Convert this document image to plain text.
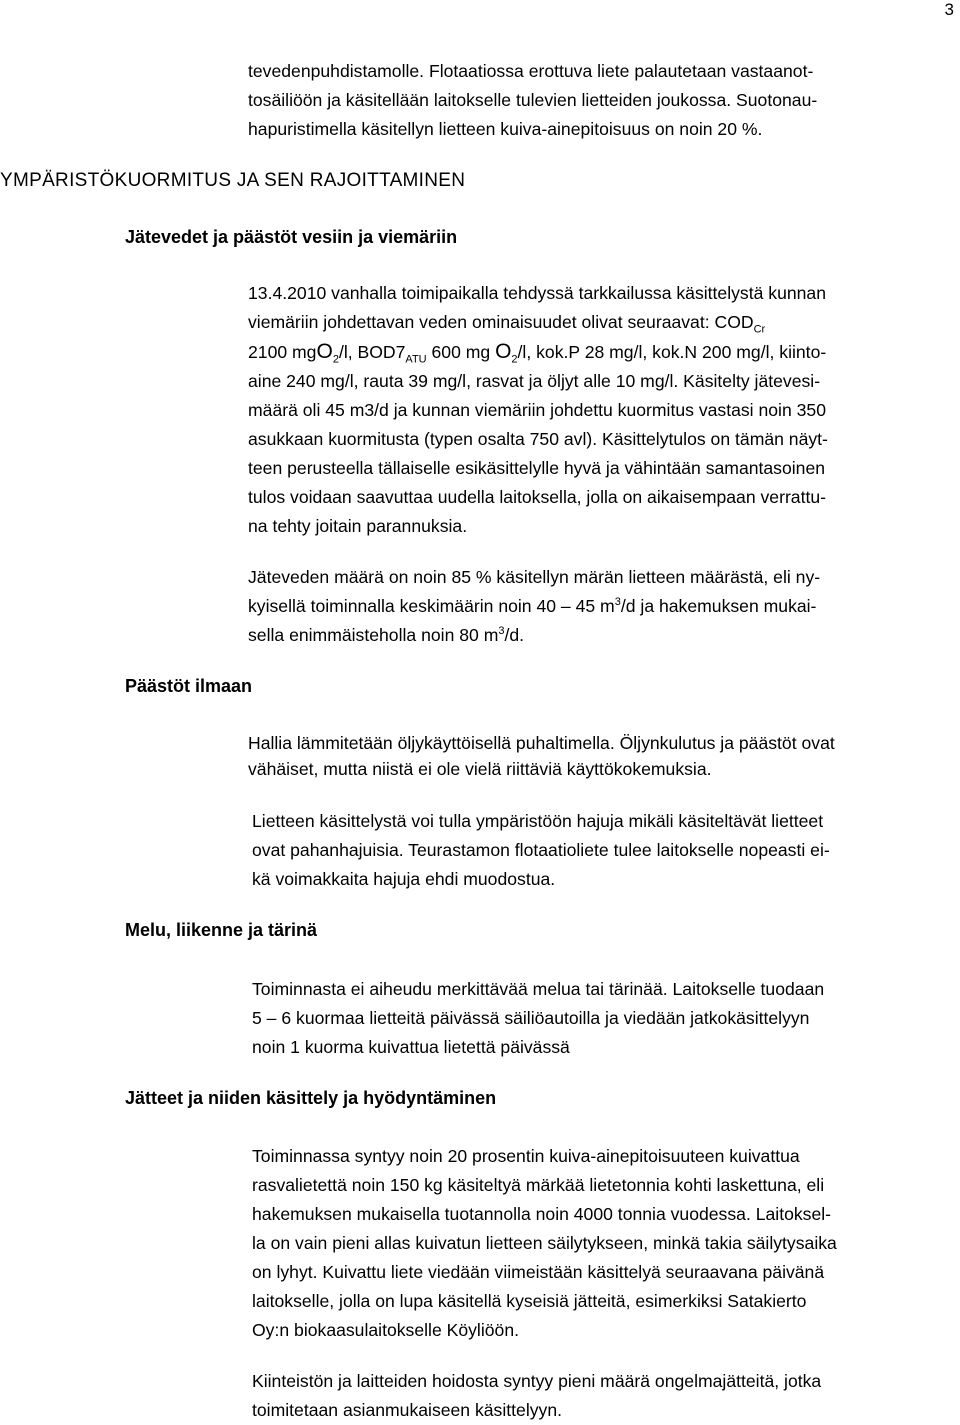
3
tevedenpuhdistamolle. Flotaatiossa erottuva liete palautetaan vastaanot-
tosäiliöön ja käsitellään laitokselle tulevien lietteiden joukossa. Suotonau-
hapuristimella käsitellyn lietteen kuiva-ainepitoisuus on noin 20 %.
YMPÄRISTÖKUORMITUS JA SEN RAJOITTAMINEN
Jätevedet ja päästöt vesiin ja viemäriin
13.4.2010 vanhalla toimipaikalla tehdyssä tarkkailussa käsittelystä kunnan
viemäriin johdettavan veden ominaisuudet olivat seuraavat: $COD_{Cr}$
2100 mgO$_2$/l, $BOD7_{ATU}$ 600 mg $O_2/l$, kok.P 28 mg/l, kok.N 200 mg/l, kiinto-
aine 240 mg/l, rauta 39 mg/l, rasvat ja öljyt alle 10 mg/l. Käsitelty jätevesi-
määrä oli 45 m3/d ja kunnan viemäriin johdettu kuormitus vastasi noin 350
asukkaan kuormitusta (typen osalta 750 avl). Käsittelytulos on tämän näyt-
teen perusteella tällaiselle esikäsittelylle hyvä ja vähintään samantasoinen
tulos voidaan saavuttaa uudella laitoksella, jolla on aikaisempaan verrattu-
na tehty joitain parannuksia.
Jäteveden määrä on noin 85 % käsitellyn märän lietteen määrästä, eli ny-
kyisellä toiminnalla keskimäärin noin 40 – 45 $m^3/d$ ja hakemuksen mukai-
sella enimmäisteholla noin 80 $m^3/d$.
Päästöt ilmaan
Hallia lämmitetään öljykäyttöisellä puhaltimella. Öljynkulutus ja päästöt ovat
vähäiset, mutta niistä ei ole vielä riittäviä käyttökokemuksia.
Lietteen käsittelystä voi tulla ympäristöön hajuja mikäli käsiteltävät lietteet
ovat pahanhajuisia. Teurastamon flotaatioliete tulee laitokselle nopeasti ei-
kä voimakkaita hajuja ehdi muodostua.
Melu, liikenne ja tärinä
Toiminnasta ei aiheudu merkittävää melua tai tärinää. Laitokselle tuodaan
5 – 6 kuormaa lietteitä päivässä säiliöautoilla ja viedään jatkokäsittelyyn
noin 1 kuorma kuivattua lietettä päivässä
Jätteet ja niiden käsittely ja hyödyntäminen
Toiminnassa syntyy noin 20 prosentin kuiva-ainepitoisuuteen kuivattua
rasvalietettä noin 150 kg käsiteltyä märkää lietetonnia kohti laskettuna, eli
hakemuksen mukaisella tuotannolla noin 4000 tonnia vuodessa. Laitoksel-
la on vain pieni allas kuivatun lietteen säilytykseen, minkä takia säilytysaika
on lyhyt. Kuivattu liete viedään viimeistään käsittelyä seuraavana päivänä
laitokselle, jolla on lupa käsitellä kyseisiä jätteitä, esimerkiksi Satakierto
Oy:n biokaasulaitokselle Köyliöön.
Kiinteistön ja laitteiden hoidosta syntyy pieni määrä ongelmajätteitä, jotka
toimitetaan asianmukaiseen käsittelyyn.
